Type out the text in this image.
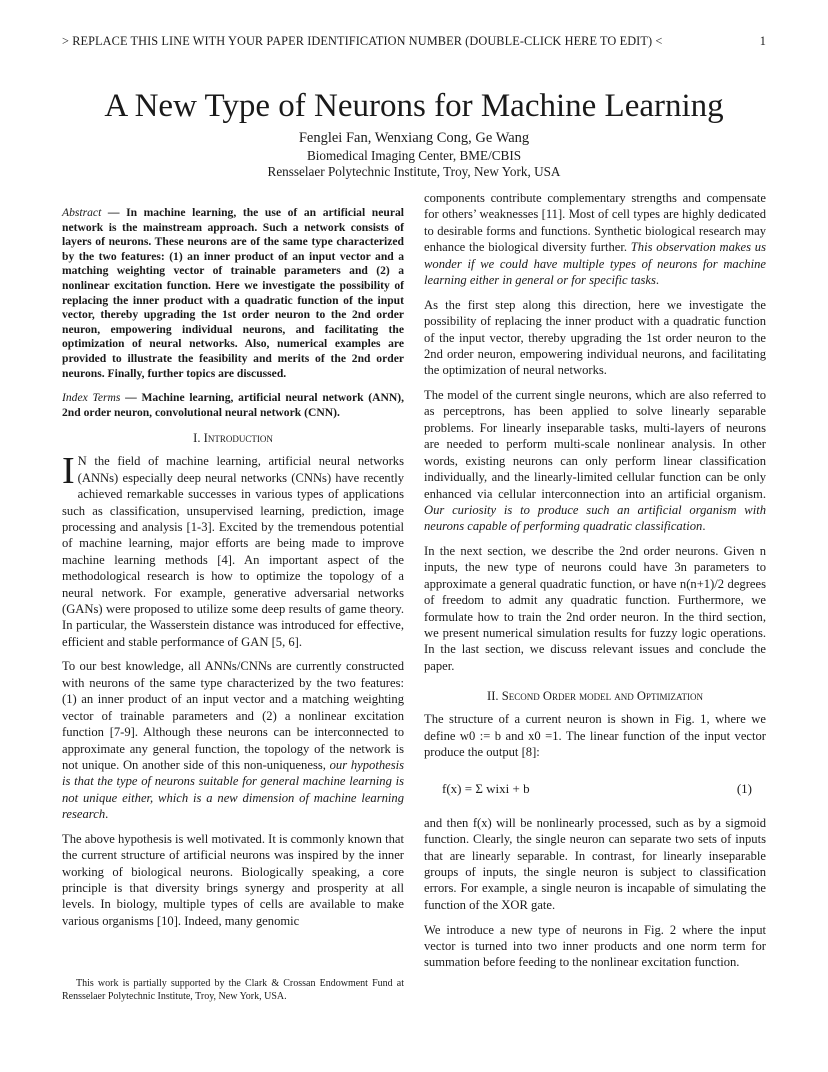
> REPLACE THIS LINE WITH YOUR PAPER IDENTIFICATION NUMBER (DOUBLE-CLICK HERE TO EDIT) <	1
A New Type of Neurons for Machine Learning
Fenglei Fan, Wenxiang Cong, Ge Wang
Biomedical Imaging Center, BME/CBIS
Rensselaer Polytechnic Institute, Troy, New York, USA

Abstract — In machine learning, the use of an artificial neural network is the mainstream approach. Such a network consists of layers of neurons. These neurons are of the same type characterized by the two features: (1) an inner product of an input vector and a matching weighting vector of trainable parameters and (2) a nonlinear excitation function. Here we investigate the possibility of replacing the inner product with a quadratic function of the input vector, thereby upgrading the 1st order neuron to the 2nd order neuron, empowering individual neurons, and facilitating the optimization of neural networks. Also, numerical examples are provided to illustrate the feasibility and merits of the 2nd order neurons. Finally, further topics are discussed.

Index Terms — Machine learning, artificial neural network (ANN), 2nd order neuron, convolutional neural network (CNN).

I. Introduction

I N the field of machine learning, artificial neural networks (ANNs) especially deep neural networks (CNNs) have recently achieved remarkable successes in various types of applications such as classification, unsupervised learning, prediction, image processing and analysis [1-3]. Excited by the tremendous potential of machine learning, major efforts are being made to improve machine learning methods [4]. An important aspect of the methodological research is how to optimize the topology of a neural network. For example, generative adversarial networks (GANs) were proposed to utilize some deep results of game theory. In particular, the Wasserstein distance was introduced for effective, efficient and stable performance of GAN [5, 6].

To our best knowledge, all ANNs/CNNs are currently constructed with neurons of the same type characterized by the two features: (1) an inner product of an input vector and a matching weighting vector of trainable parameters and (2) a nonlinear excitation function [7-9]. Although these neurons can be interconnected to approximate any general function, the topology of the network is not unique. On another side of this non-uniqueness, our hypothesis is that the type of neurons suitable for general machine learning is not unique either, which is a new dimension of machine learning research.

The above hypothesis is well motivated. It is commonly known that the current structure of artificial neurons was inspired by the inner working of biological neurons. Biologically speaking, a core principle is that diversity brings synergy and prosperity at all levels. In biology, multiple types of cells are available to make various organisms [10]. Indeed, many genomic

This work is partially supported by the Clark & Crossan Endowment Fund at Rensselaer Polytechnic Institute, Troy, New York, USA.

components contribute complementary strengths and compensate for others’ weaknesses [11]. Most of cell types are highly dedicated to desirable forms and functions. Synthetic biological research may enhance the biological diversity further. This observation makes us wonder if we could have multiple types of neurons for machine learning either in general or for specific tasks.

As the first step along this direction, here we investigate the possibility of replacing the inner product with a quadratic function of the input vector, thereby upgrading the 1st order neuron to the 2nd order neuron, empowering individual neurons, and facilitating the optimization of neural networks.

The model of the current single neurons, which are also referred to as perceptrons, has been applied to solve linearly separable problems. For linearly inseparable tasks, multi-layers of neurons are needed to perform multi-scale nonlinear analysis. In other words, existing neurons can only perform linear classification individually, and the linearly-limited cellular function can be only enhanced via cellular interconnection into an artificial organism. Our curiosity is to produce such an artificial organism with neurons capable of performing quadratic classification.

In the next section, we describe the 2nd order neurons. Given n inputs, the new type of neurons could have 3n parameters to approximate a general quadratic function, or have n(n+1)/2 degrees of freedom to admit any quadratic function. Furthermore, we formulate how to train the 2nd order neuron. In the third section, we present numerical simulation results for fuzzy logic operations. In the last section, we discuss relevant issues and conclude the paper.

II. Second Order model and Optimization

The structure of a current neuron is shown in Fig. 1, where we define w0 := b and x0 =1. The linear function of the input vector produce the output [8]:

f(x) = Σ wixi + b	(1)

and then f(x) will be nonlinearly processed, such as by a sigmoid function. Clearly, the single neuron can separate two sets of inputs that are linearly separable. In contrast, for linearly inseparable groups of inputs, the single neuron is subject to classification errors. For example, a single neuron is incapable of simulating the function of the XOR gate.

We introduce a new type of neurons in Fig. 2 where the input vector is turned into two inner products and one norm term for summation before feeding to the nonlinear excitation function.
